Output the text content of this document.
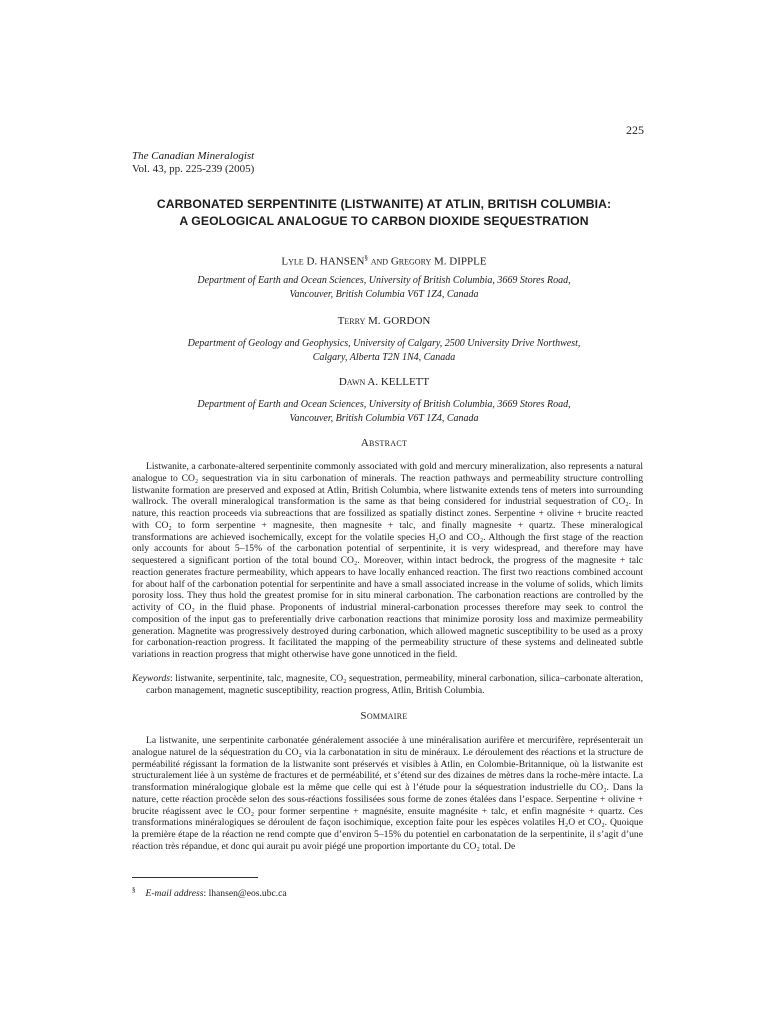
225
The Canadian Mineralogist
Vol. 43, pp. 225-239 (2005)
CARBONATED SERPENTINITE (LISTWANITE) AT ATLIN, BRITISH COLUMBIA:
A GEOLOGICAL ANALOGUE TO CARBON DIOXIDE SEQUESTRATION
Lyle D. HANSEN§ and Gregory M. DIPPLE
Department of Earth and Ocean Sciences, University of British Columbia, 3669 Stores Road,
Vancouver, British Columbia V6T 1Z4, Canada
Terry M. GORDON
Department of Geology and Geophysics, University of Calgary, 2500 University Drive Northwest,
Calgary, Alberta T2N 1N4, Canada
Dawn A. KELLETT
Department of Earth and Ocean Sciences, University of British Columbia, 3669 Stores Road,
Vancouver, British Columbia V6T 1Z4, Canada
Abstract

Listwanite, a carbonate-altered serpentinite commonly associated with gold and mercury mineralization, also represents a natural analogue to CO₂ sequestration via in situ carbonation of minerals. The reaction pathways and permeability structure controlling listwanite formation are preserved and exposed at Atlin, British Columbia, where listwanite extends tens of meters into surrounding wallrock. The overall mineralogical transformation is the same as that being considered for industrial sequestration of CO₂. In nature, this reaction proceeds via subreactions that are fossilized as spatially distinct zones. Serpentine + olivine + brucite reacted with CO₂ to form serpentine + magnesite, then magnesite + talc, and finally magnesite + quartz. These mineralogical transformations are achieved isochemically, except for the volatile species H₂O and CO₂. Although the first stage of the reaction only accounts for about 5–15% of the carbonation potential of serpentinite, it is very widespread, and therefore may have sequestered a significant portion of the total bound CO₂. Moreover, within intact bedrock, the progress of the magnesite + talc reaction generates fracture permeability, which appears to have locally enhanced reaction. The first two reactions combined account for about half of the carbonation potential for serpentinite and have a small associated increase in the volume of solids, which limits porosity loss. They thus hold the greatest promise for in situ mineral carbonation. The carbonation reactions are controlled by the activity of CO₂ in the fluid phase. Proponents of industrial mineral-carbonation processes therefore may seek to control the composition of the input gas to preferentially drive carbonation reactions that minimize porosity loss and maximize permeability generation. Magnetite was progressively destroyed during carbonation, which allowed magnetic susceptibility to be used as a proxy for carbonation-reaction progress. It facilitated the mapping of the permeability structure of these systems and delineated subtle variations in reaction progress that might otherwise have gone unnoticed in the field.

Keywords: listwanite, serpentinite, talc, magnesite, CO₂ sequestration, permeability, mineral carbonation, silica–carbonate alteration, carbon management, magnetic susceptibility, reaction progress, Atlin, British Columbia.

Sommaire

La listwanite, une serpentinite carbonatée généralement associée à une minéralisation aurifère et mercurifère, représenterait un analogue naturel de la séquestration du CO₂ via la carbonatation in situ de minéraux. Le déroulement des réactions et la structure de perméabilité régissant la formation de la listwanite sont préservés et visibles à Atlin, en Colombie-Britannique, où la listwanite est structuralement liée à un système de fractures et de perméabilité, et s’étend sur des dizaines de mètres dans la roche-mère intacte. La transformation minéralogique globale est la même que celle qui est à l’étude pour la séquestration industrielle du CO₂. Dans la nature, cette réaction procède selon des sous-réactions fossilisées sous forme de zones étalées dans l’espace. Serpentine + olivine + brucite réagissent avec le CO₂ pour former serpentine + magnésite, ensuite magnésite + talc, et enfin magnésite + quartz. Ces transformations minéralogiques se déroulent de façon isochimique, exception faite pour les espèces volatiles H₂O et CO₂. Quoique la première étape de la réaction ne rend compte que d’environ 5–15% du potentiel en carbonatation de la serpentinite, il s’agit d’une réaction très répandue, et donc qui aurait pu avoir piégé une proportion importante du CO₂ total. De

§ E-mail address: lhansen@eos.ubc.ca
